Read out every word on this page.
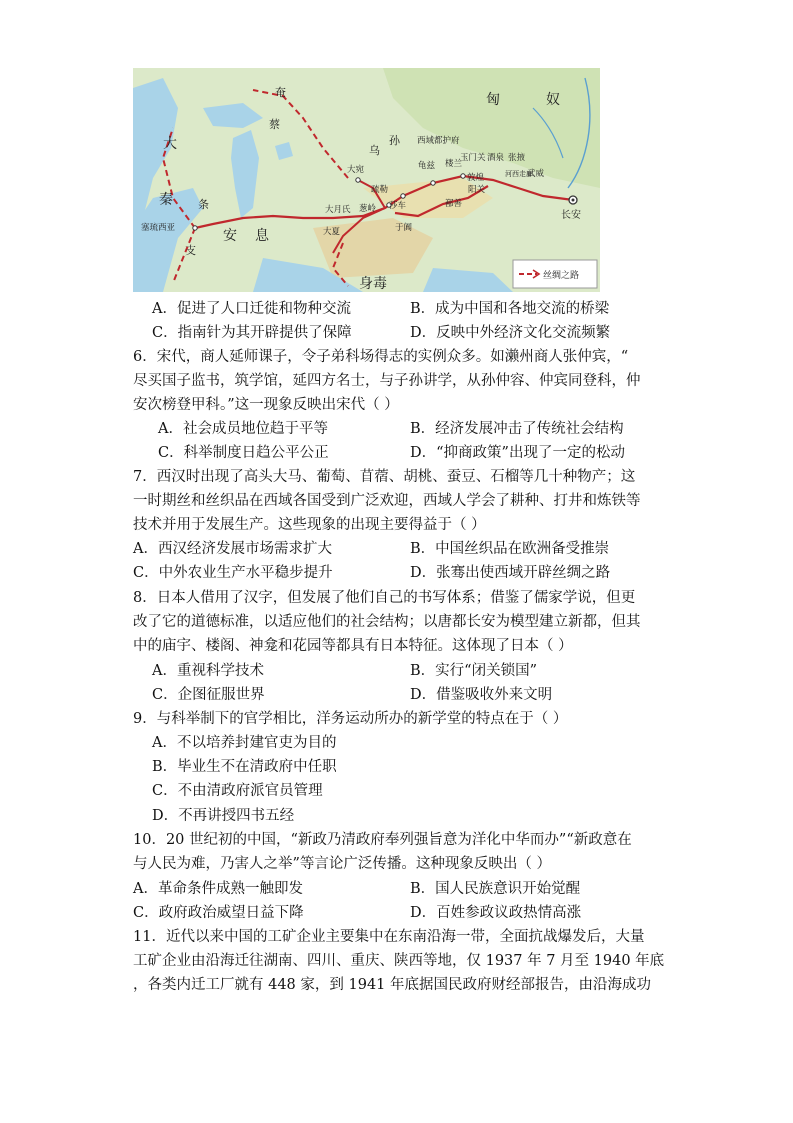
匈	奴
大
秦
安 息
身毒
奄
蔡
乌
孙
条
支
西域都护府
龟兹 楼兰
玉门关 酒泉 张掖
武威
敦煌
阳关
河西走廊
长安
大宛
疏勒
葱岭 莎车
于阗
鄯善
大月氏
大夏
塞琉西亚
丝绸之路
A．促进了人口迁徙和物种交流	B．成为中国和各地交流的桥梁
C．指南针为其开辟提供了保障	D．反映中外经济文化交流频繁
6．宋代，商人延师课子，令子弟科场得志的实例众多。如濑州商人张仲宾，“
尽买国子监书，筑学馆，延四方名士，与子孙讲学，从孙仲容、仲宾同登科，仲
安次榜登甲科。”这一现象反映出宋代（ ）
A．社会成员地位趋于平等	B．经济发展冲击了传统社会结构
C．科举制度日趋公平公正	D．“抑商政策”出现了一定的松动
7．西汉时出现了高头大马、葡萄、苜蓿、胡桃、蚕豆、石榴等几十种物产；这
一时期丝和丝织品在西域各国受到广泛欢迎，西域人学会了耕种、打井和炼铁等
技术并用于发展生产。这些现象的出现主要得益于（ ）
A．西汉经济发展市场需求扩大	B．中国丝织品在欧洲备受推崇
C．中外农业生产水平稳步提升	D．张骞出使西域开辟丝绸之路
8．日本人借用了汉字，但发展了他们自己的书写体系；借鉴了儒家学说，但更
改了它的道德标准，以适应他们的社会结构；以唐都长安为模型建立新都，但其
中的庙宇、楼阁、神龛和花园等都具有日本特征。这体现了日本（ ）
A．重视科学技术	B．实行“闭关锁国”
C．企图征服世界	D．借鉴吸收外来文明
9．与科举制下的官学相比，洋务运动所办的新学堂的特点在于（ ）
A．不以培养封建官吏为目的
B．毕业生不在清政府中任职
C．不由清政府派官员管理
D．不再讲授四书五经
10．20 世纪初的中国，“新政乃清政府奉列强旨意为洋化中华而办”“新政意在
与人民为难，乃害人之举”等言论广泛传播。这种现象反映出（ ）
A．革命条件成熟一触即发	B．国人民族意识开始觉醒
C．政府政治威望日益下降	D．百姓参政议政热情高涨
11．近代以来中国的工矿企业主要集中在东南沿海一带，全面抗战爆发后，大量
工矿企业由沿海迁往湖南、四川、重庆、陕西等地，仅 1937 年 7 月至 1940 年底
，各类内迁工厂就有 448 家，到 1941 年底据国民政府财经部报告，由沿海成功
